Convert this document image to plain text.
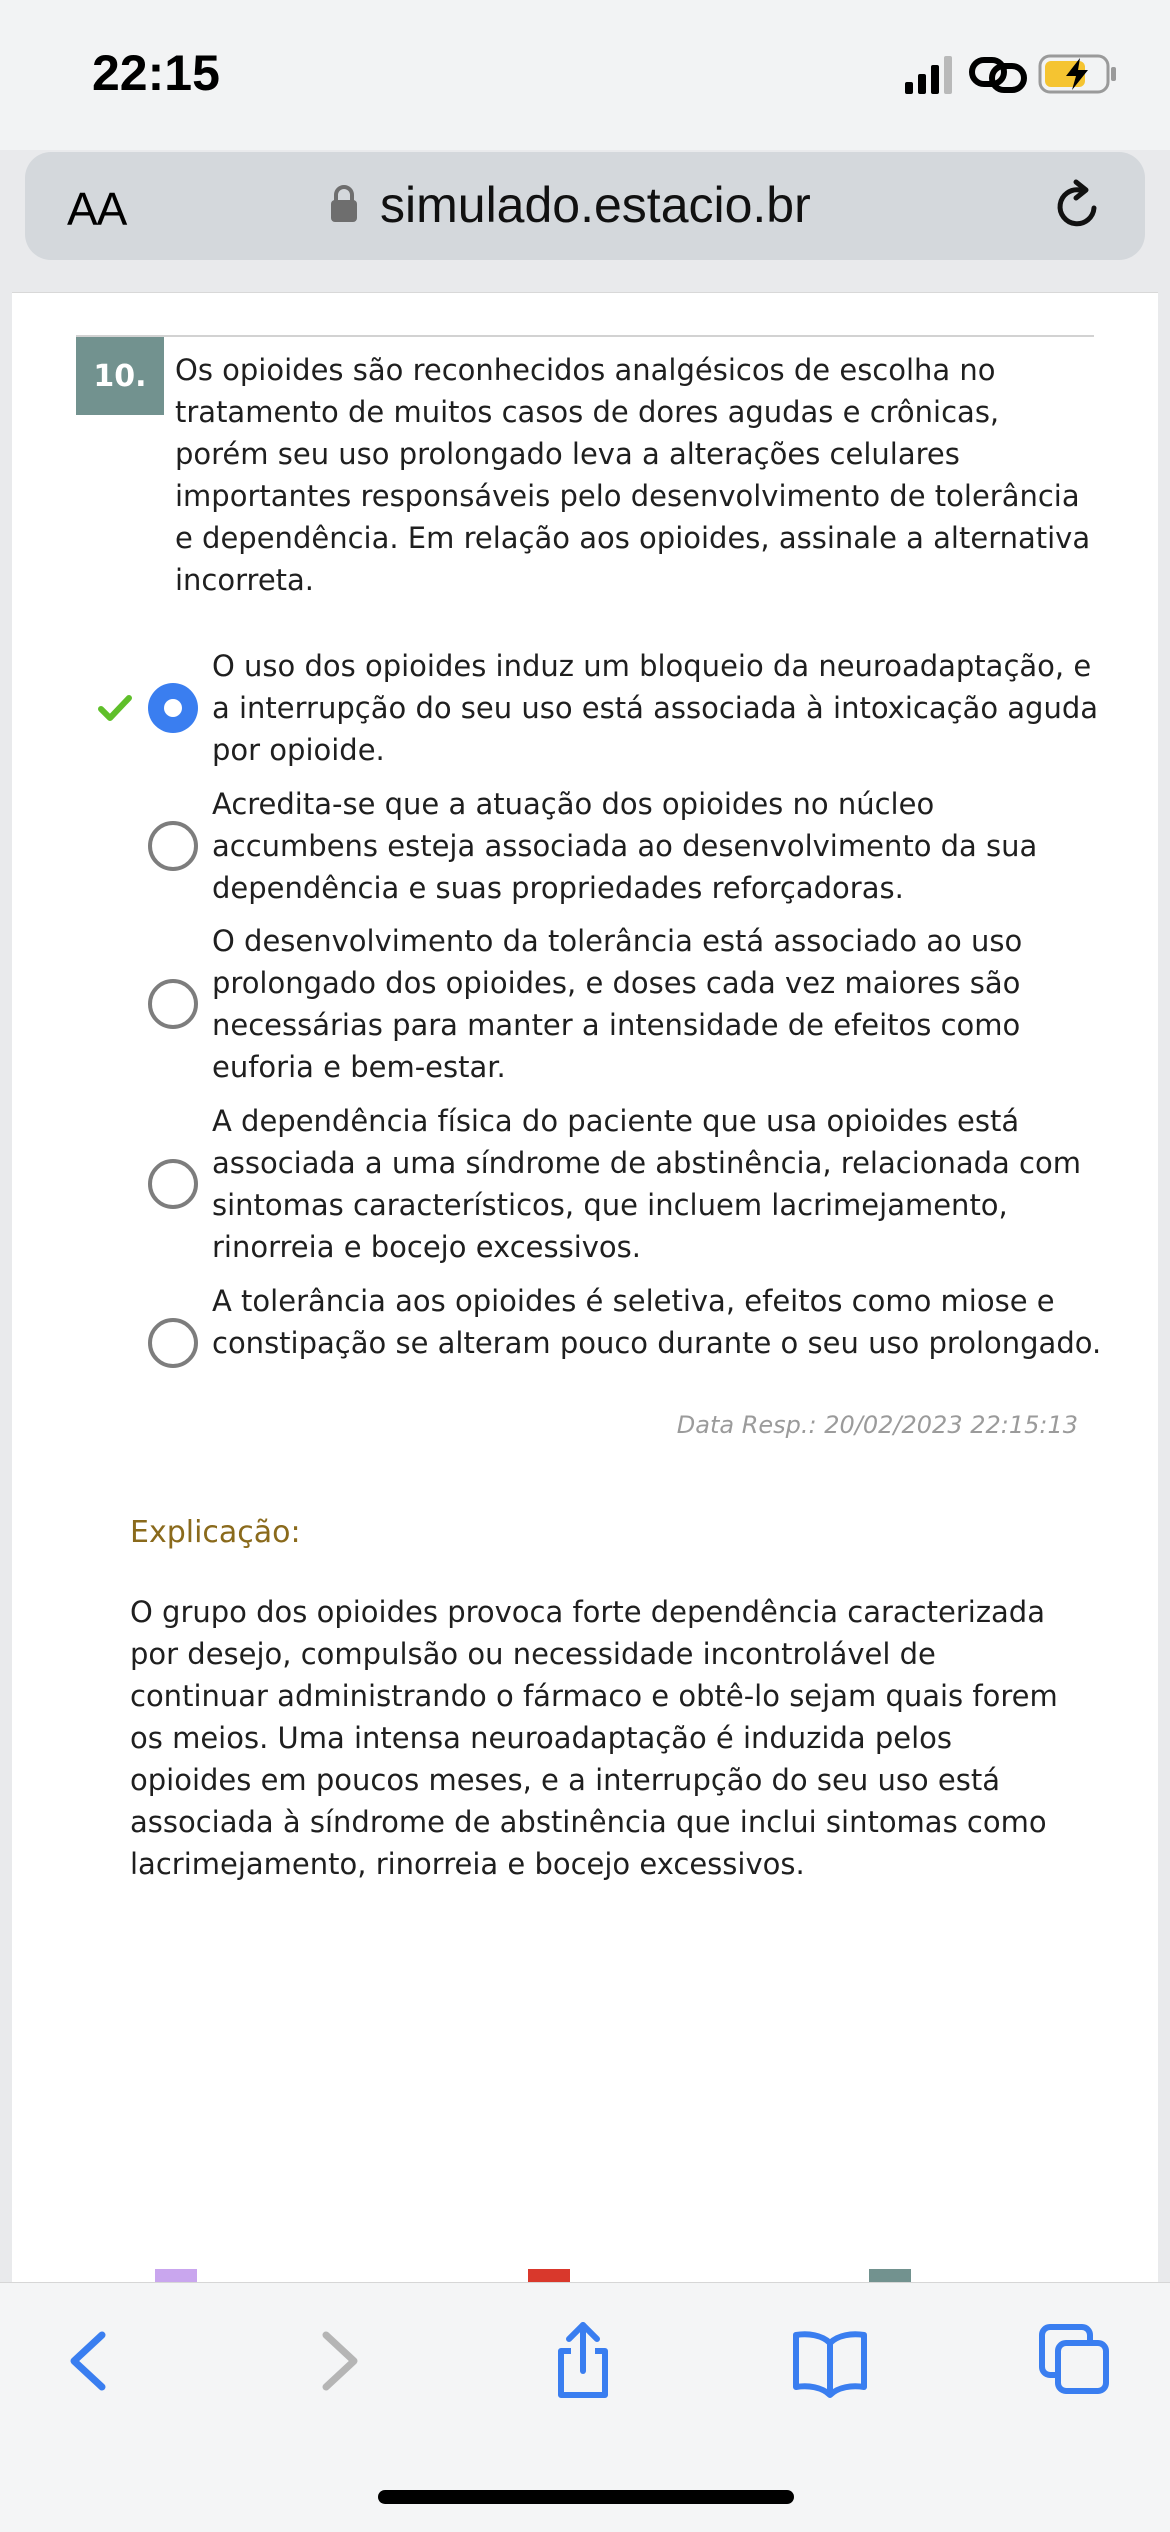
22:15
AA	simulado.estacio.br
10. Os opioides são reconhecidos analgésicos de escolha no tratamento de muitos casos de dores agudas e crônicas, porém seu uso prolongado leva a alterações celulares importantes responsáveis pelo desenvolvimento de tolerância e dependência. Em relação aos opioides, assinale a alternativa incorreta.
O uso dos opioides induz um bloqueio da neuroadaptação, e a interrupção do seu uso está associada à intoxicação aguda por opioide.
Acredita-se que a atuação dos opioides no núcleo accumbens esteja associada ao desenvolvimento da sua dependência e suas propriedades reforçadoras.
O desenvolvimento da tolerância está associado ao uso prolongado dos opioides, e doses cada vez maiores são necessárias para manter a intensidade de efeitos como euforia e bem-estar.
A dependência física do paciente que usa opioides está associada a uma síndrome de abstinência, relacionada com sintomas característicos, que incluem lacrimejamento, rinorreia e bocejo excessivos.
A tolerância aos opioides é seletiva, efeitos como miose e constipação se alteram pouco durante o seu uso prolongado.
Data Resp.: 20/02/2023 22:15:13
Explicação:
O grupo dos opioides provoca forte dependência caracterizada por desejo, compulsão ou necessidade incontrolável de continuar administrando o fármaco e obtê-lo sejam quais forem os meios. Uma intensa neuroadaptação é induzida pelos opioides em poucos meses, e a interrupção do seu uso está associada à síndrome de abstinência que inclui sintomas como lacrimejamento, rinorreia e bocejo excessivos.
